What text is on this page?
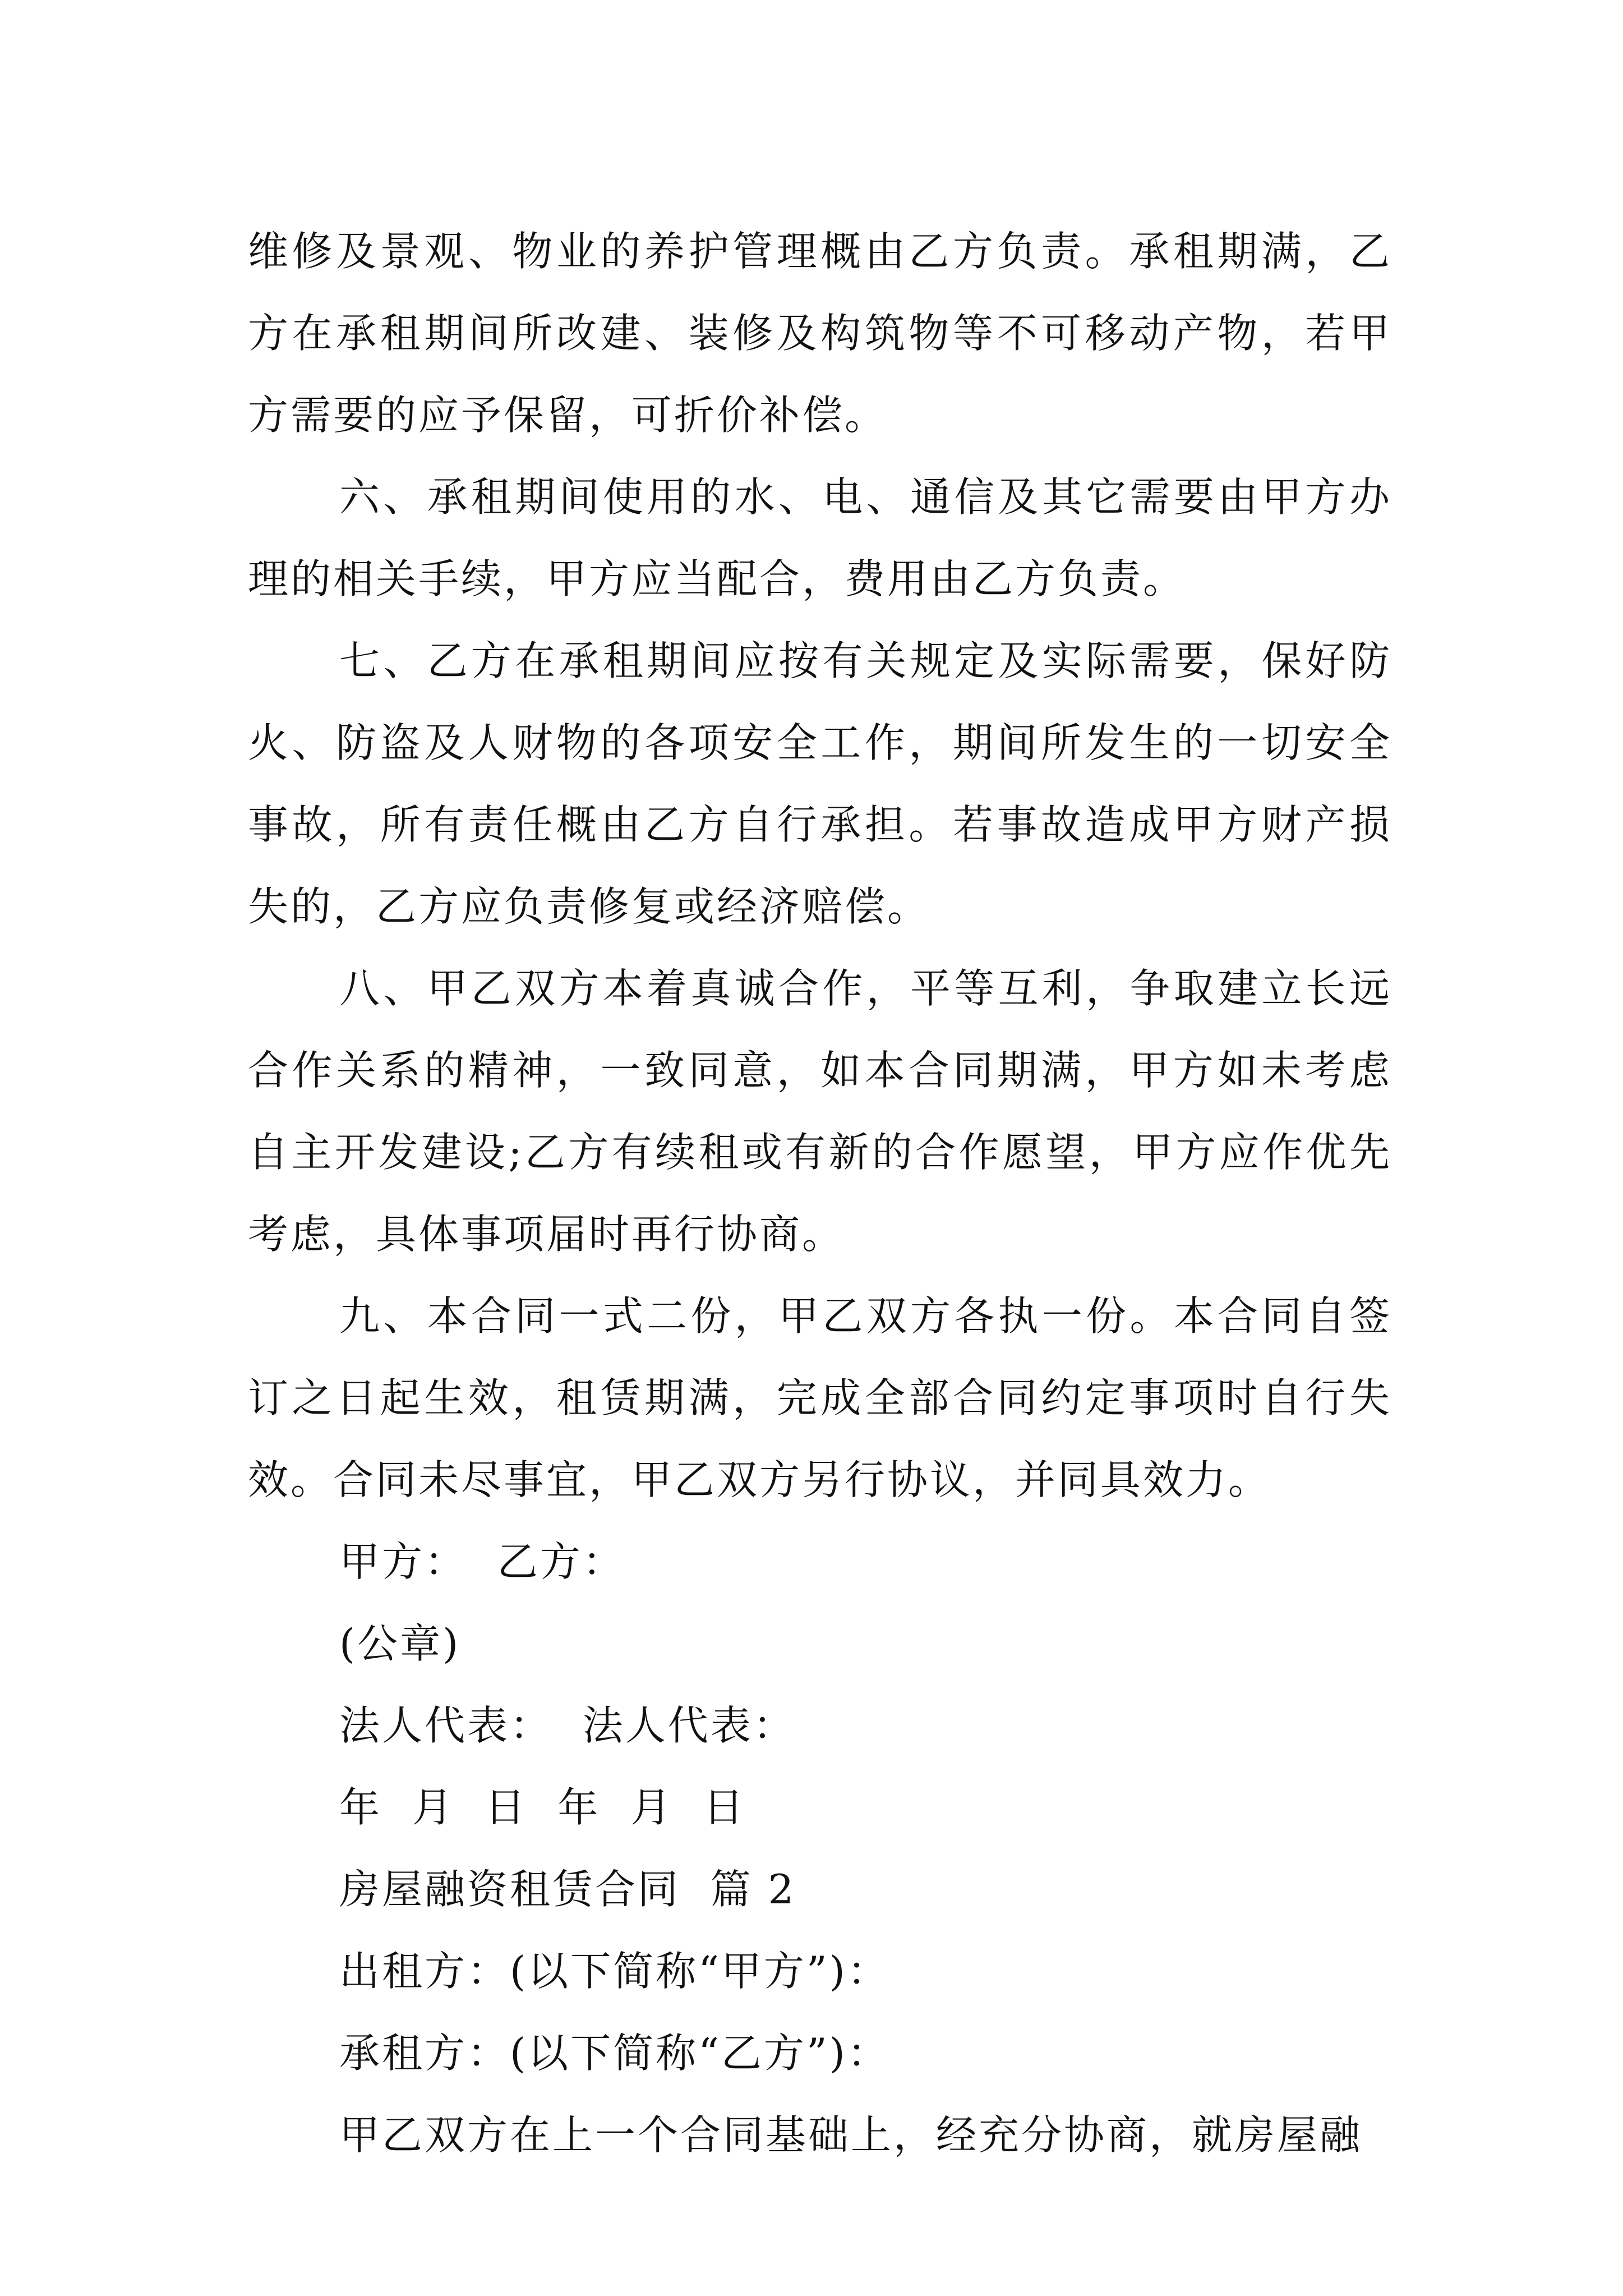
维修及景观、物业的养护管理概由乙方负责。承租期满，乙方在承租期间所改建、装修及构筑物等不可移动产物，若甲方需要的应予保留，可折价补偿。

六、承租期间使用的水、电、通信及其它需要由甲方办理的相关手续，甲方应当配合，费用由乙方负责。

七、乙方在承租期间应按有关规定及实际需要，保好防火、防盗及人财物的各项安全工作，期间所发生的一切安全事故，所有责任概由乙方自行承担。若事故造成甲方财产损失的，乙方应负责修复或经济赔偿。

八、甲乙双方本着真诚合作，平等互利，争取建立长远合作关系的精神，一致同意，如本合同期满，甲方如未考虑自主开发建设;乙方有续租或有新的合作愿望，甲方应作优先考虑，具体事项届时再行协商。

九、本合同一式二份，甲乙双方各执一份。本合同自签订之日起生效，租赁期满，完成全部合同约定事项时自行失效。合同未尽事宜，甲乙双方另行协议，并同具效力。

甲方：  乙方：

(公章)

法人代表：  法人代表：

年  月  日  年  月  日

房屋融资租赁合同  篇 2

出租方：(以下简称“甲方”)：

承租方：(以下简称“乙方”)：

甲乙双方在上一个合同基础上，经充分协商，就房屋融
